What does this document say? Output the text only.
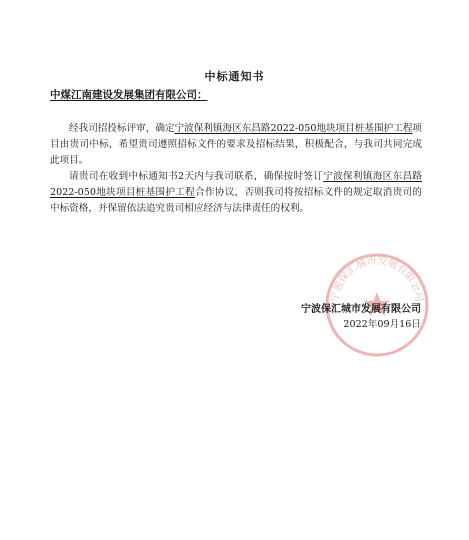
中标通知书
中煤江南建设发展集团有限公司：
经我司招投标评审，确定宁波保利镇海区东昌路2022-050地块项目桩基围护工程项目由贵司中标，希望贵司遵照招标文件的要求及招标结果，积极配合，与我司共同完成此项目。
请贵司在收到中标通知书2天内与我司联系，确保按时签订宁波保利镇海区东昌路2022-050地块项目桩基围护工程合作协议，否则我司将按招标文件的规定取消贵司的中标资格，并保留依法追究贵司相应经济与法律责任的权利。
宁波保汇城市发展有限公司
宁波保汇城市发展有限公司
2022年09月16日
